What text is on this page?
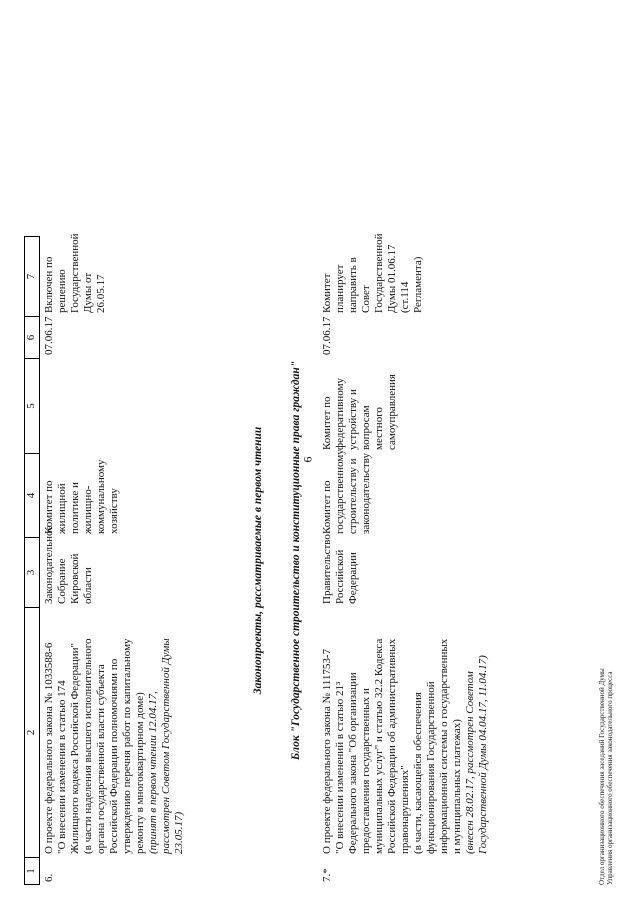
6
1
2
3
4
5
6
7
6.
О проекте федерального закона № 1033588-6 "О внесении изменения в статью 174 Жилищного кодекса Российской Федерации" (в части наделения высшего исполнительного органа государственной власти субъекта Российской Федерации полномочиями по утверждению перечня работ по капитальному ремонту в многоквартирном доме) (принят в первом чтении 12.04.17, рассмотрен Советом Государственной Думы 23.05.17)
Законодательное Собрание Кировской области
Комитет по жилищной политике и жилищно-коммунальному хозяйству
07.06.17
Включен по решению Государственной Думы от 26.05.17
Законопроекты, рассматриваемые в первом чтении Блок "Государственное строительство и конституционные права граждан"
7.*
О проекте федерального закона № 111753-7 "О внесении изменений в статью 21³ Федерального закона "Об организации предоставления государственных и муниципальных услуг" и статью 32.2 Кодекса Российской Федерации об административных правонарушениях" (в части, касающейся обеспечения функционирования Государственной информационной системы о государственных и муниципальных платежах) (внесен 28.02.17, рассмотрен Советом Государственной Думы 04.04.17, 11.04.17)
Правительство Российской Федерации
Комитет по государственному строительству и законодательству
Комитет по федеративному устройству и вопросам местного самоуправления
07.06.17
Комитет планирует направить в Совет Государственной Думы 01.06.17 (ст.114 Регламента)
Отдел организационного обеспечения заседаний Государственной Думы Управления организационного обеспечения законодательного процесса
